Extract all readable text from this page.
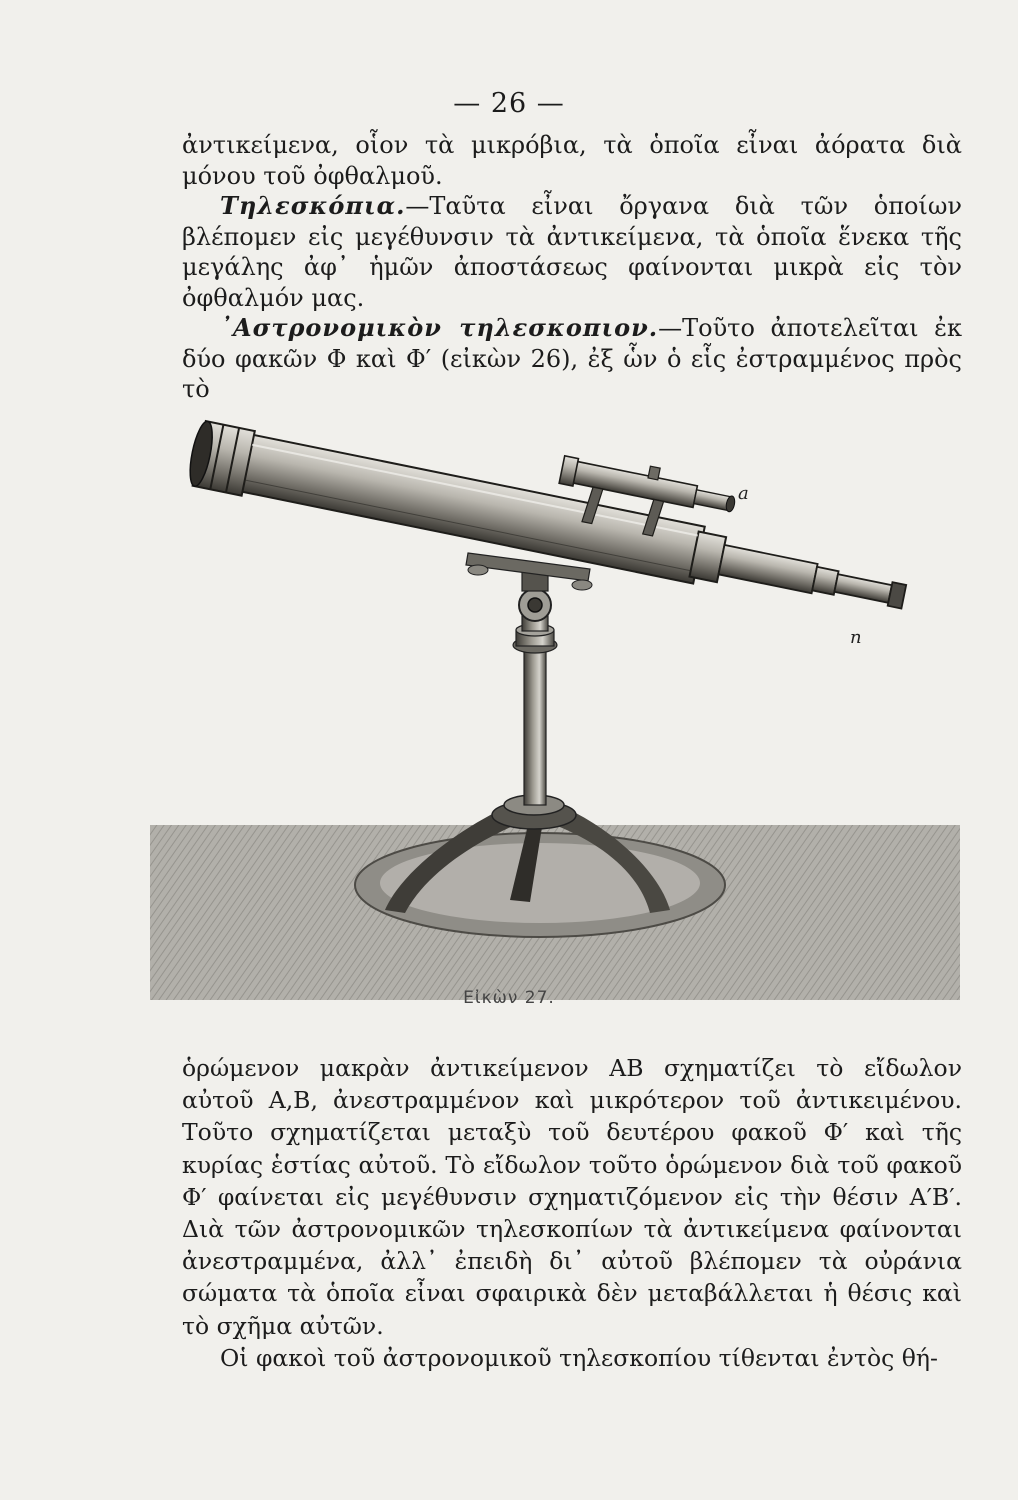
— 26 —

ἀντικείμενα, οἷον τὰ μικρόβια, τὰ ὁποῖα εἶναι ἀόρατα διὰ μόνου τοῦ ὀφθαλμοῦ.

Τηλεσκόπια.—Ταῦτα εἶναι ὄργανα διὰ τῶν ὁποίων βλέπομεν εἰς μεγέθυνσιν τὰ ἀντικείμενα, τὰ ὁποῖα ἕνεκα τῆς μεγάλης ἀφ᾽ ἡμῶν ἀποστάσεως φαίνονται μικρὰ εἰς τὸν ὀφθαλμόν μας.

᾿Αστρονομικὸν τηλεσκοπιον.—Τοῦτο ἀποτελεῖται ἐκ δύο φακῶν Φ καὶ Φ′ (εἰκὼν 26), ἐξ ὧν ὁ εἷς ἐστραμμένος πρὸς τὸ

a
n
Εἰκὼν 27.

ὁρώμενον μακρὰν ἀντικείμενον ΑΒ σχηματίζει τὸ εἴδωλον αὐτοῦ Α,Β, ἀνεστραμμένον καὶ μικρότερον τοῦ ἀντικειμένου. Τοῦτο σχηματίζεται μεταξὺ τοῦ δευτέρου φακοῦ Φ′ καὶ τῆς κυρίας ἑστίας αὐτοῦ. Τὸ εἴδωλον τοῦτο ὁρώμενον διὰ τοῦ φακοῦ Φ′ φαίνεται εἰς μεγέθυνσιν σχηματιζόμενον εἰς τὴν θέσιν Α′Β′. Διὰ τῶν ἀστρονομικῶν τηλεσκοπίων τὰ ἀντικείμενα φαίνονται ἀνεστραμμένα, ἀλλ᾽ ἐπειδὴ δι᾽ αὐτοῦ βλέπομεν τὰ οὐράνια σώματα τὰ ὁποῖα εἶναι σφαιρικὰ δὲν μεταβάλλεται ἡ θέσις καὶ τὸ σχῆμα αὐτῶν.

Οἱ φακοὶ τοῦ ἀστρονομικοῦ τηλεσκοπίου τίθενται ἐντὸς θή-
